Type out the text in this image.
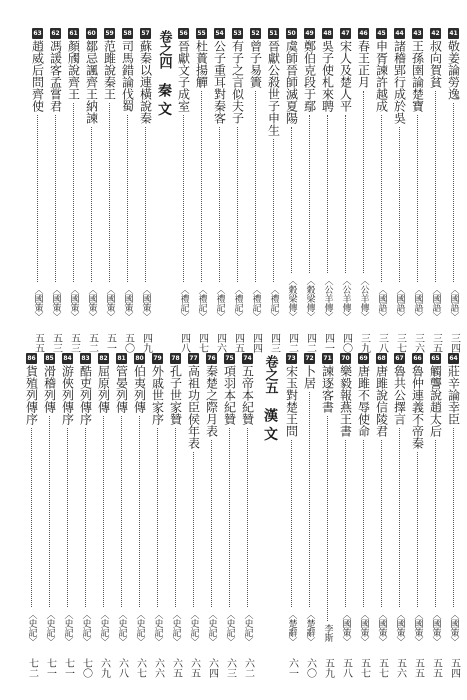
41
敬姜論勞逸
〈國語〉
三四
42
叔向賀貧
〈國語〉
三五
43
王孫圉論楚寶
〈國語〉
三六
44
諸稽郢行成於吳
〈國語〉
三七
45
申胥諫許越成
〈國語〉
三八
46
春王正月
〈公羊傳〉
三九
47
宋人及楚人平
〈公羊傳〉
四〇
48
吳子使札來聘
〈公羊傳〉
四一
49
鄭伯克段于鄢
〈穀梁傳〉
四二
50
虞師晉師滅夏陽
〈穀梁傳〉
四二
51
晉獻公殺世子申生
〈禮記〉
四三
52
曾子易簀
〈禮記〉
四四
53
有子之言似夫子
〈禮記〉
四五
54
公子重耳對秦客
〈禮記〉
四六
55
杜蕢揚觶
〈禮記〉
四七
56
晉獻文子成室
〈禮記〉
四八
卷之四
秦 文
57
蘇秦以連橫說秦
〈國策〉
四九
58
司馬錯論伐蜀
〈國策〉
五〇
59
范雎說秦王
〈國策〉
五一
60
鄒忌諷齊王納諫
〈國策〉
五二
61
顏斶說齊王
〈國策〉
五三
62
馮諼客孟嘗君
〈國策〉
五三
63
趙威后問齊使
〈國策〉
五五
64
莊辛論幸臣
〈國策〉
五四
65
觸讋說趙太后
〈國策〉
五五
66
魯仲連義不帝秦
〈國策〉
五五
67
魯共公擇言
〈國策〉
五六
68
唐雎說信陵君
〈國策〉
五七
69
唐雎不辱使命
〈國策〉
五七
70
樂毅報燕王書
〈國策〉
五八
71
諫逐客書
李斯
五九
72
卜居
〈楚辭〉
六〇
73
宋玉對楚王問
〈楚辭〉
六一
卷之五
漢 文
74
五帝本紀贊
〈史記〉
六二
75
項羽本紀贊
〈史記〉
六三
76
秦楚之際月表
〈史記〉
六四
77
高祖功臣侯年表
〈史記〉
六五
78
孔子世家贊
〈史記〉
六五
79
外戚世家序
〈史記〉
六六
80
伯夷列傳
〈史記〉
六七
81
管晏列傳
〈史記〉
六八
82
屈原列傳
〈史記〉
六九
83
酷吏列傳序
〈史記〉
七〇
84
游俠列傳序
〈史記〉
七一
85
滑稽列傳
〈史記〉
七一
86
貨殖列傳序
〈史記〉
七二
